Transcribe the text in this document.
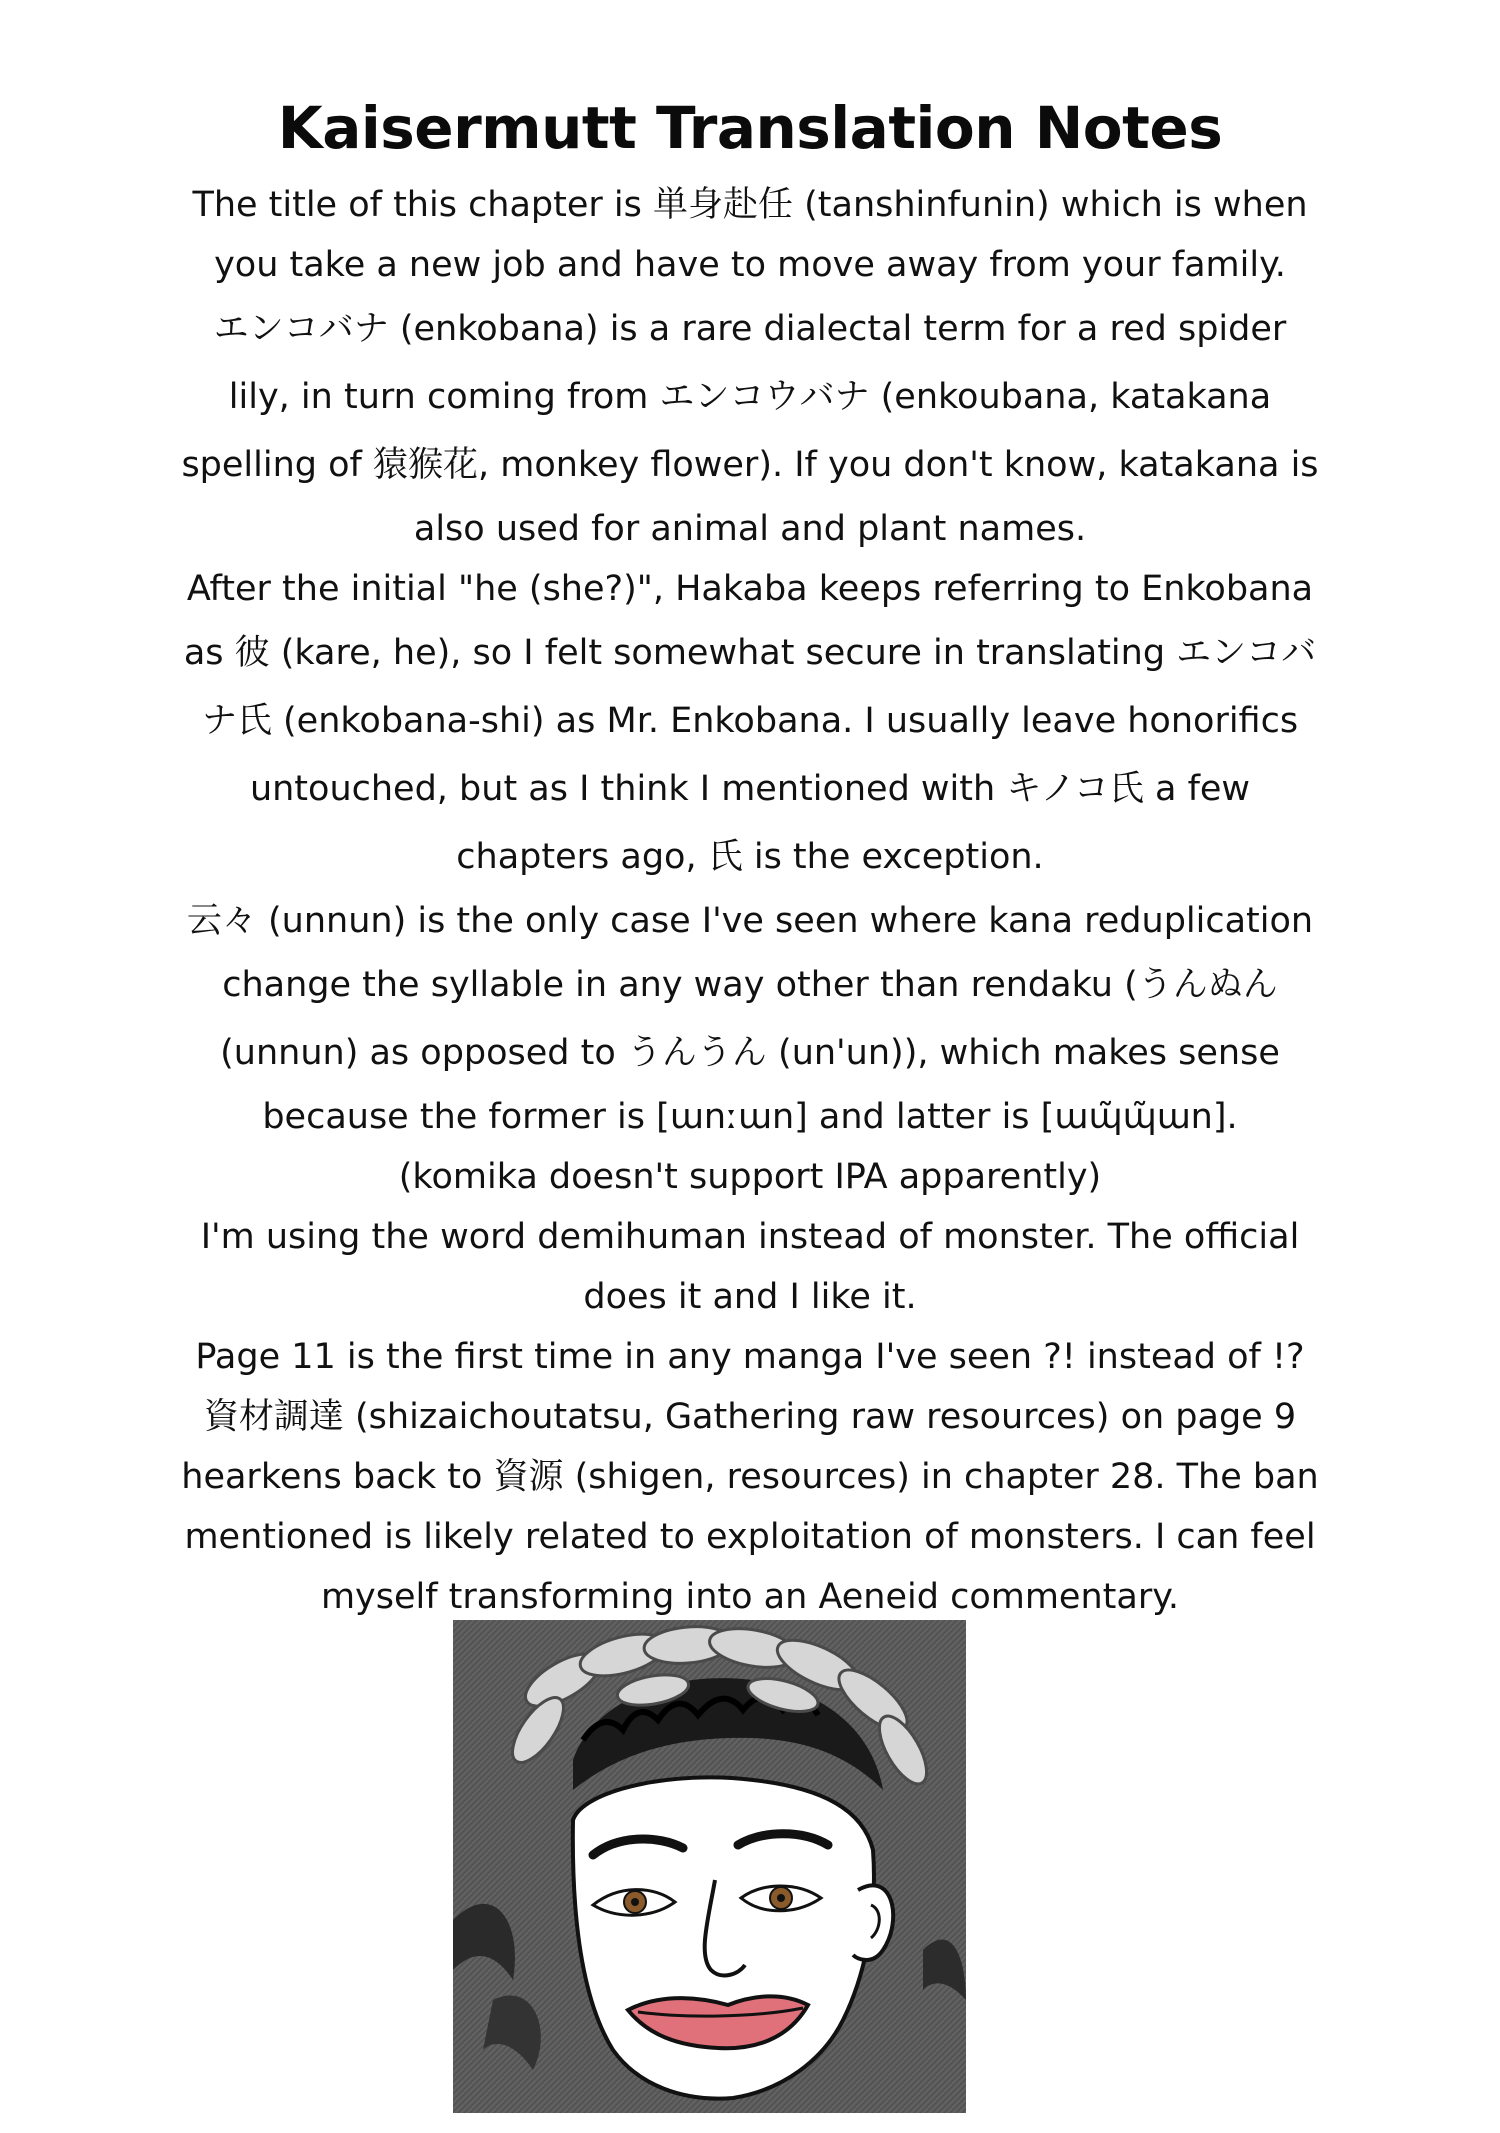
Kaisermutt Translation Notes
The title of this chapter is 単身赴任 (tanshinfunin) which is when
you take a new job and have to move away from your family.
エンコバナ (enkobana) is a rare dialectal term for a red spider
lily, in turn coming from エンコウバナ (enkoubana, katakana
spelling of 猿猴花, monkey flower). If you don't know, katakana is
also used for animal and plant names.
After the initial "he (she?)", Hakaba keeps referring to Enkobana
as 彼 (kare, he), so I felt somewhat secure in translating エンコバ
ナ氏 (enkobana-shi) as Mr. Enkobana. I usually leave honorifics
untouched, but as I think I mentioned with キノコ氏 a few
chapters ago, 氏 is the exception.
云々 (unnun) is the only case I've seen where kana reduplication
change the syllable in any way other than rendaku (うんぬん
(unnun) as opposed to うんうん (un'un)), which makes sense
because the former is [ɯnːɯn] and latter is [ɯɰ̃ɰ̃ɯn].
(komika doesn't support IPA apparently)
I'm using the word demihuman instead of monster. The official
does it and I like it.
Page 11 is the first time in any manga I've seen ?! instead of !?
資材調達 (shizaichoutatsu, Gathering raw resources) on page 9
hearkens back to 資源 (shigen, resources) in chapter 28. The ban
mentioned is likely related to exploitation of monsters. I can feel
myself transforming into an Aeneid commentary.
